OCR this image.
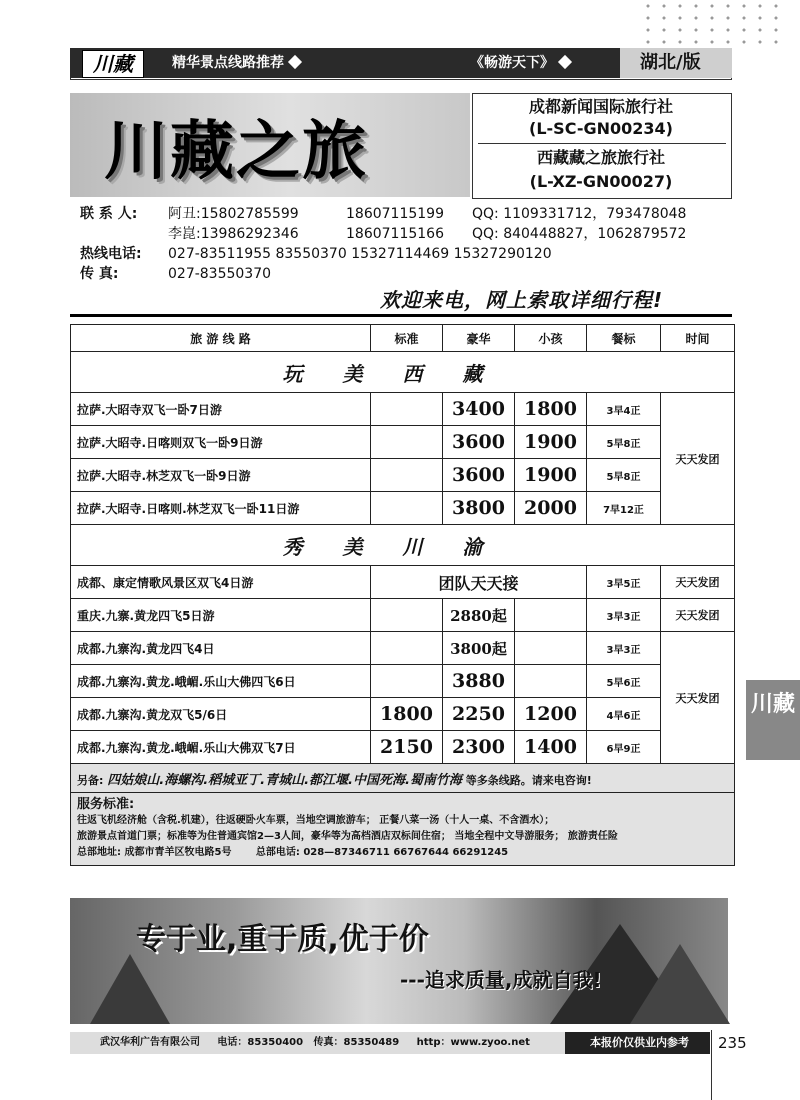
川藏	精华景点线路推荐	《畅游天下》	湖北/版
川藏之旅
成都新闻国际旅行社
(L-SC-GN00234)
西藏藏之旅旅行社
(L-XZ-GN00027)
联 系 人: 阿丑:15802785599	18607115199 QQ: 1109331712，793478048
李崑:13986292346	18607115166 QQ: 840448827，1062879572
热线电话: 027-83511955 83550370 15327114469 15327290120
传 真:	027-83550370
欢迎来电，网上索取详细行程!
旅 游 线 路	标准	豪华	小孩	餐标	时间
玩美西藏					
拉萨.大昭寺双飞一卧7日游		3400	1800	3早4正	天天发团
拉萨.大昭寺.日喀则双飞一卧9日游		3600	1900	5早8正	
拉萨.大昭寺.林芝双飞一卧9日游		3600	1900	5早8正	
拉萨.大昭寺.日喀则.林芝双飞一卧11日游		3800	2000	7早12正	
秀美川渝					
成都、康定情歌风景区双飞4日游	团队天天接			3早5正	天天发团
重庆.九寨.黄龙四飞5日游		2880起		3早3正	天天发团
成都.九寨沟.黄龙四飞4日		3800起		3早3正	天天发团
成都.九寨沟.黄龙.峨嵋.乐山大佛四飞6日		3880		5早6正	
成都.九寨沟.黄龙双飞5/6日	1800	2250	1200	4早6正	
成都.九寨沟.黄龙.峨嵋.乐山大佛双飞7日	2150	2300	1400	6早9正	
另备: 四姑娘山.海螺沟.稻城亚丁.青城山.都江堰.中国死海.蜀南竹海 等多条线路。请来电咨询!					

服务标准:
往返飞机经济舱（含税.机建），往返硬卧火车票，当地空调旅游车； 正餐八菜一汤（十人一桌、不含酒水）；
旅游景点首道门票；标准等为住普通宾馆2—3人间，豪华等为高档酒店双标间住宿； 当地全程中文导游服务； 旅游责任险
总部地址: 成都市青羊区牧电路5号 总部电话: 028—87346711 66767644 66291245					
川藏
专于业,重于质,优于价
---追求质量,成就自我!
武汉华利广告有限公司 电话：85350400 传真：85350489 http：www.zyoo.net	本报价仅供业内参考 235
